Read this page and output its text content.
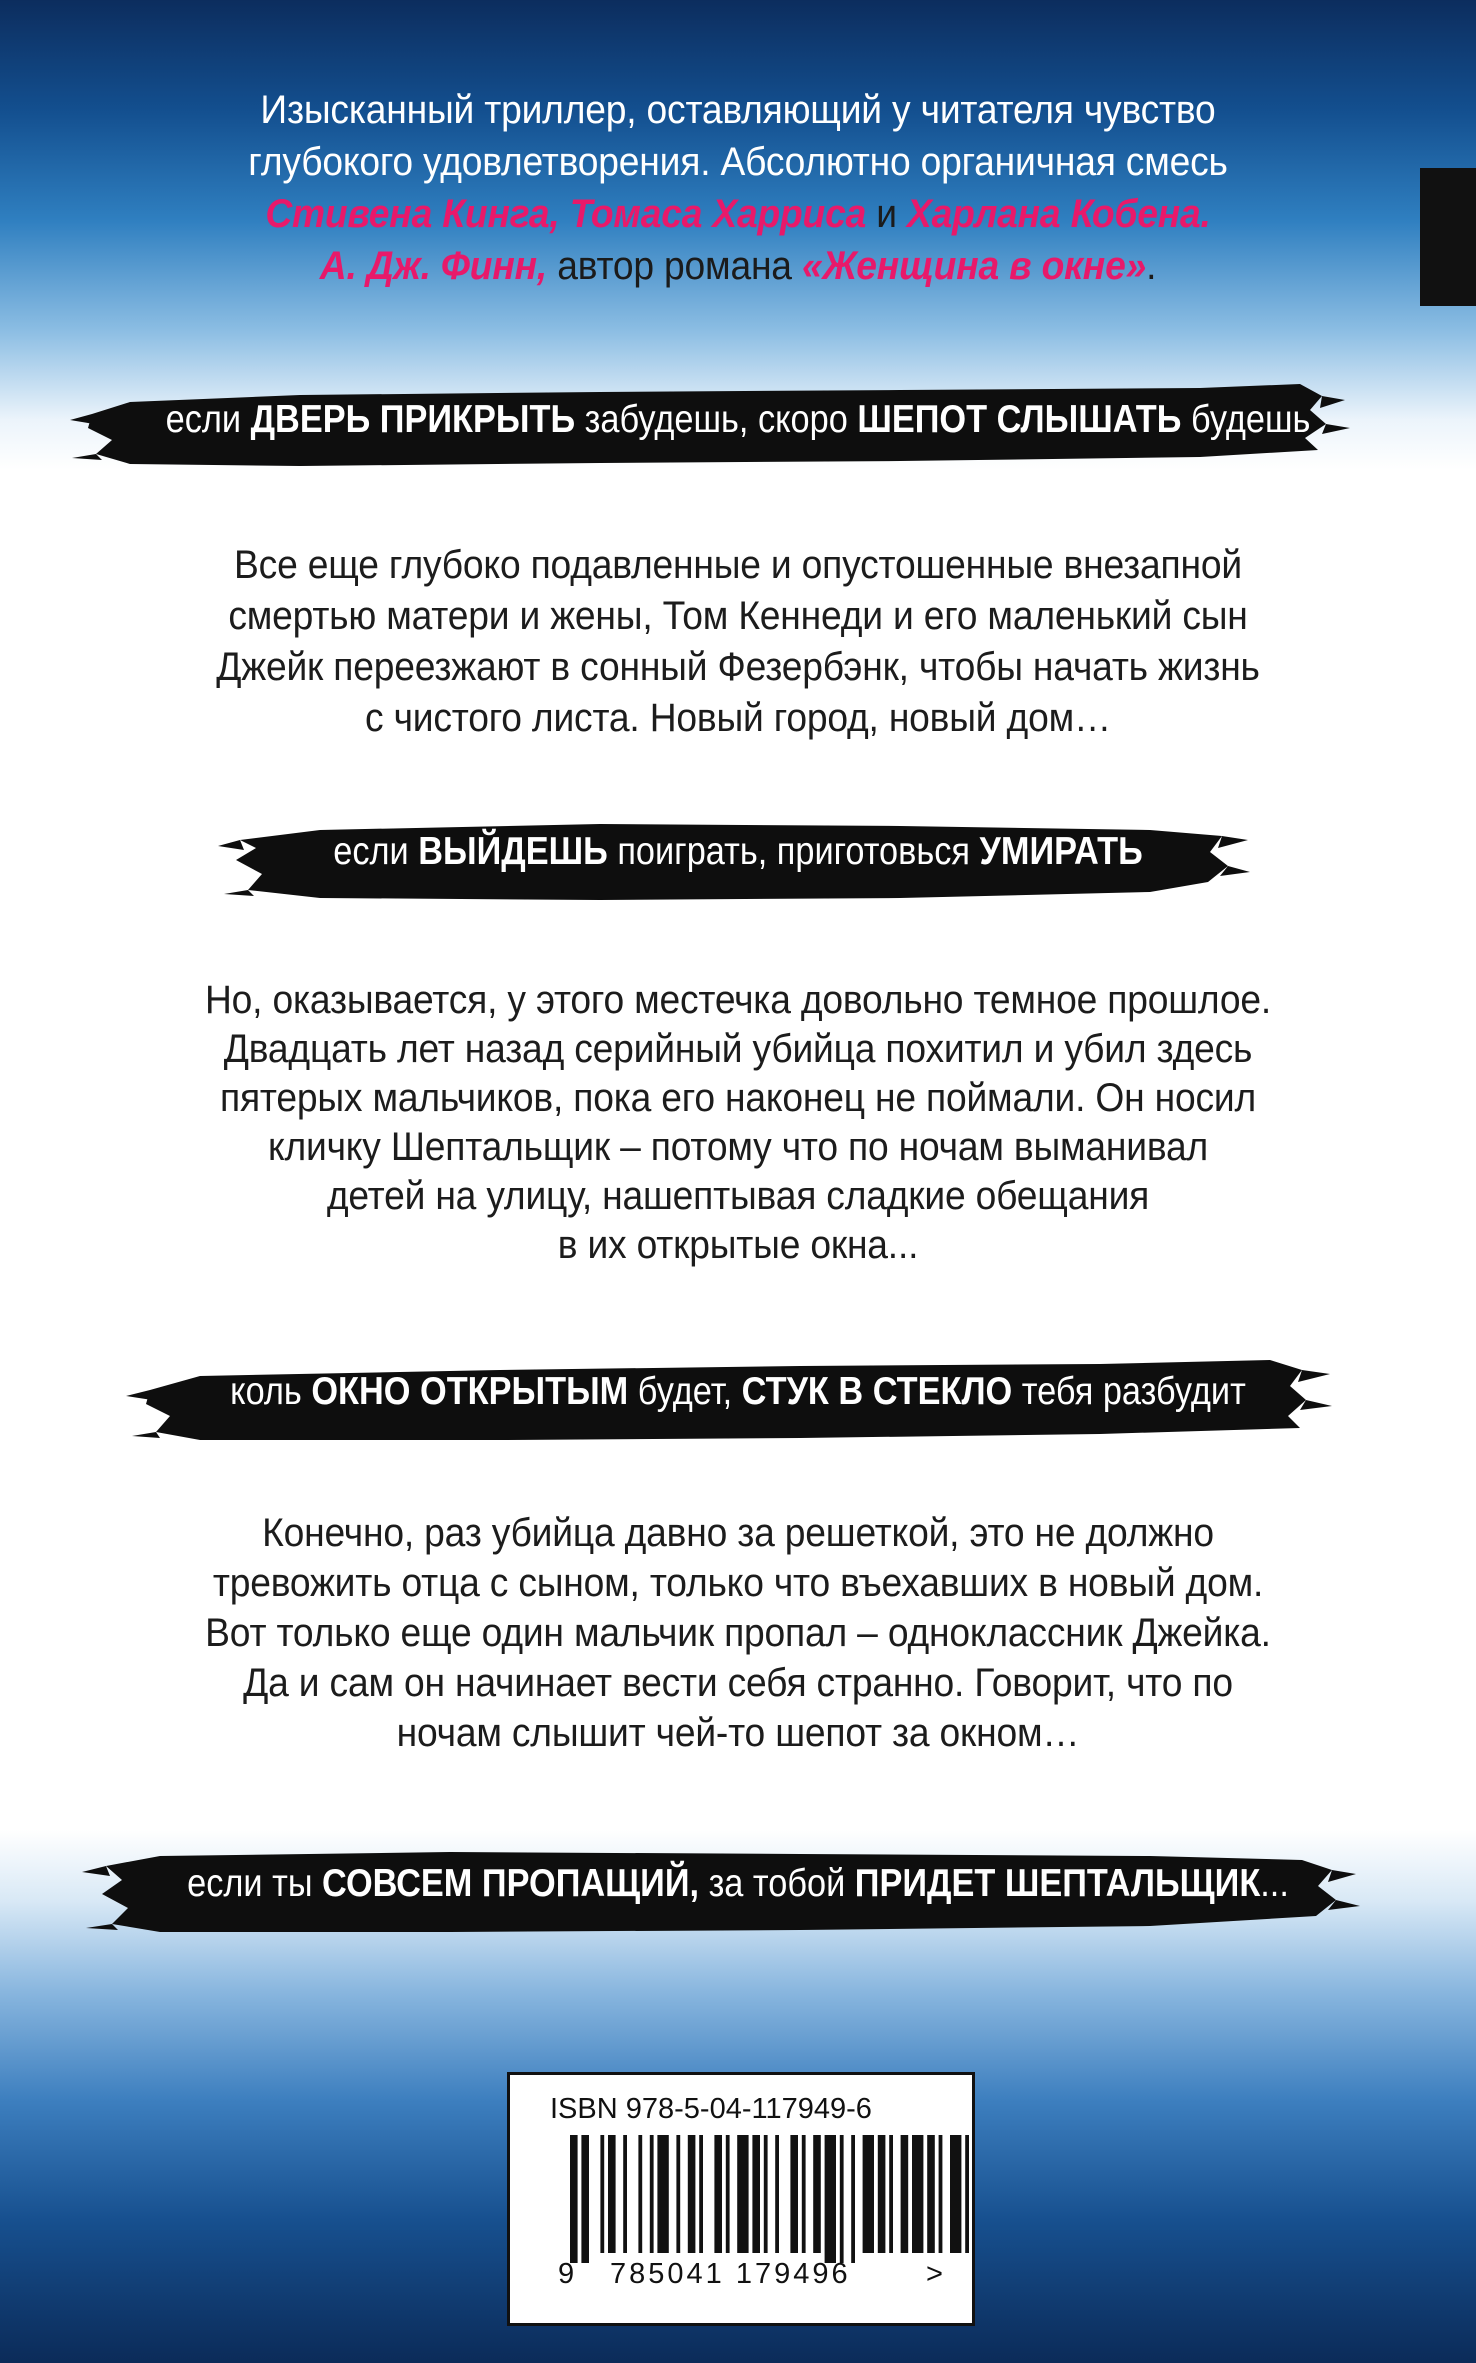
Изысканный триллер, оставляющий у читателя чувство
глубокого удовлетворения. Абсолютно органичная смесь
Стивена Кинга, Томаса Харриса и Харлана Кобена.
А. Дж. Финн, автор романа «Женщина в окне».
если ДВЕРЬ ПРИКРЫТЬ забудешь, скоро ШЕПОТ СЛЫШАТЬ будешь
Все еще глубоко подавленные и опустошенные внезапной
смертью матери и жены, Том Кеннеди и его маленький сын
Джейк переезжают в сонный Фезербэнк, чтобы начать жизнь
с чистого листа. Новый город, новый дом…
если ВЫЙДЕШЬ поиграть, приготовься УМИРАТЬ
Но, оказывается, у этого местечка довольно темное прошлое.
Двадцать лет назад серийный убийца похитил и убил здесь
пятерых мальчиков, пока его наконец не поймали. Он носил
кличку Шептальщик – потому что по ночам выманивал
детей на улицу, нашептывая сладкие обещания
в их открытые окна...
коль ОКНО ОТКРЫТЫМ будет, СТУК В СТЕКЛО тебя разбудит
Конечно, раз убийца давно за решеткой, это не должно
тревожить отца с сыном, только что въехавших в новый дом.
Вот только еще один мальчик пропал – одноклассник Джейка.
Да и сам он начинает вести себя странно. Говорит, что по
ночам слышит чей-то шепот за окном…
если ты СОВСЕМ ПРОПАЩИЙ, за тобой ПРИДЕТ ШЕПТАЛЬЩИК...
ISBN 978-5-04-117949-6
9 785041 179496	>
